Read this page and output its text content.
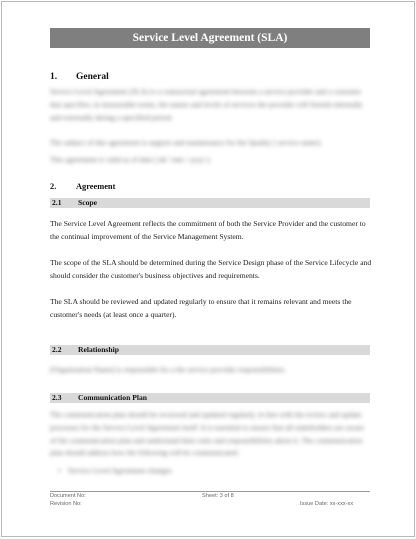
Service Level Agreement (SLA)
1. General
Service Level Agreement (SLA) is a contractual agreement between a service provider and a customer that specifies, in measurable terms, the nature and levels of services the provider will furnish internally and externally during a specified period.
The subject of this agreement is support and maintenance for the Quality [ service name].
This agreement is valid as of date [ dd / mm / yyyy ].
2. Agreement
2.1 Scope
The Service Level Agreement reflects the commitment of both the Service Provider and the customer to the continual improvement of the Service Management System.
The scope of the SLA should be determined during the Service Design phase of the Service Lifecycle and should consider the customer's business objectives and requirements.
The SLA should be reviewed and updated regularly to ensure that it remains relevant and meets the customer's needs (at least once a quarter).
2.2 Relationship
[Organization Name] is responsible for a the service provider responsibilities.
2.3 Communication Plan
The communication plan should be reviewed and updated regularly, in line with the review and update processes for the Service Level Agreement itself. It is essential to ensure that all stakeholders are aware of the communication plan and understand their roles and responsibilities about it. The communication plan should address how the following will be communicated:
• Service Level Agreement changes
Document No:
Revision No:
Sheet: 3 of 8
Issue Date: xx-xxx-xx
